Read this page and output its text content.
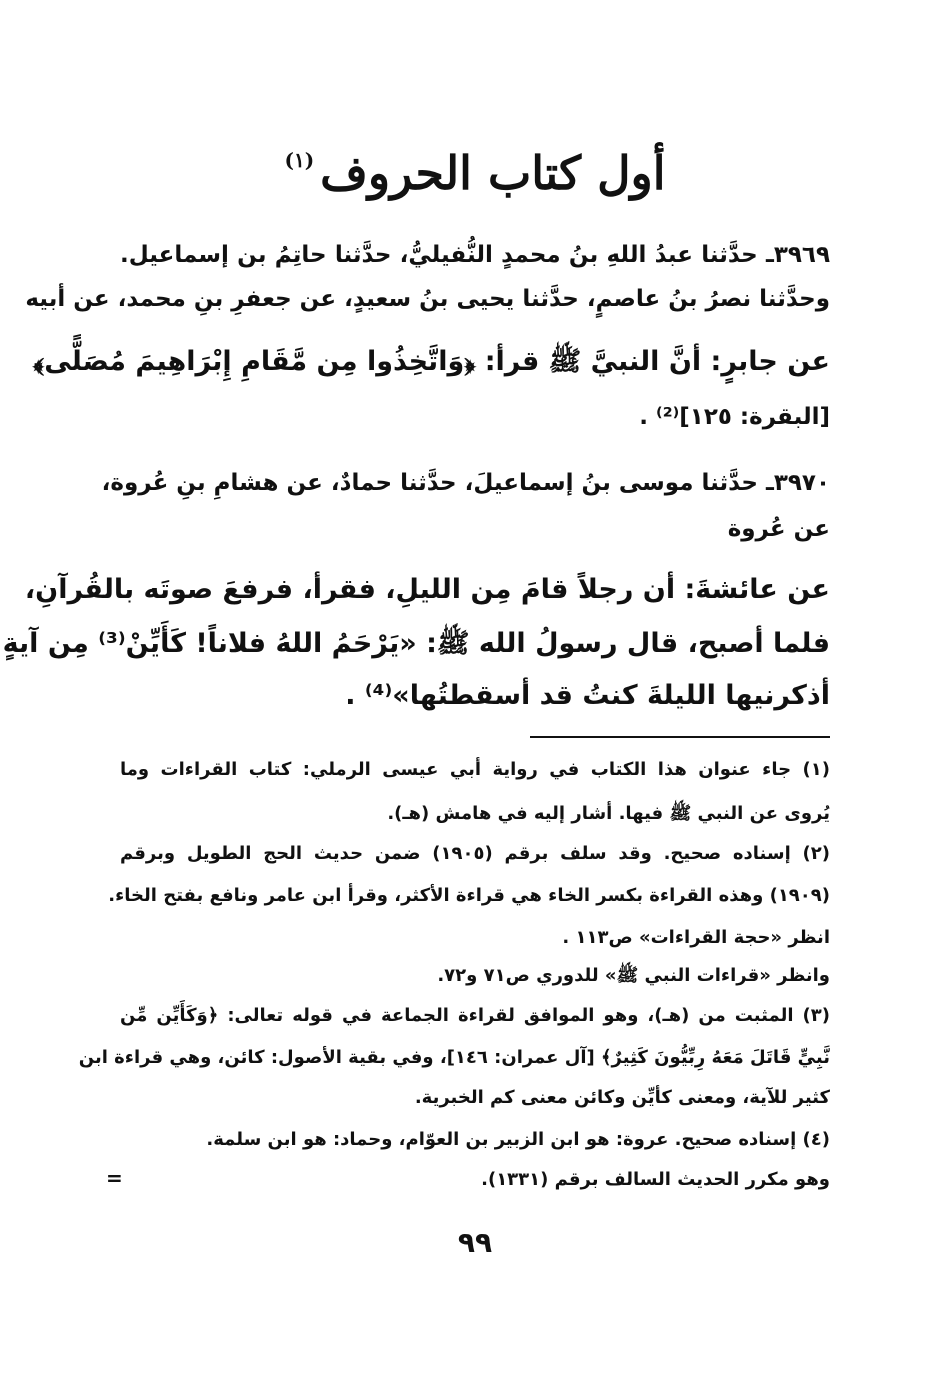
أول كتاب الحروف$^{(١)}$
٣٩٦٩ـ حدَّثنا عبدُ اللهِ بنُ محمدٍ النُّفيليُّ، حدَّثنا حاتِمُ بن إسماعيل.
وحدَّثنا نصرُ بنُ عاصمٍ، حدَّثنا يحيى بنُ سعيدٍ، عن جعفرِ بنِ محمد، عن أبيه
عن جابرٍ: أنَّ النبيَّ ﷺ قرأ: ﴿وَاتَّخِذُوا مِن مَّقَامِ إِبْرَاهِيمَ مُصَلًّى﴾
[البقرة: ١٢٥]⁽²⁾ .
٣٩٧٠ـ حدَّثنا موسى بنُ إسماعيلَ، حدَّثنا حمادٌ، عن هشامِ بنِ عُروة،
عن عُروة
عن عائشةَ: أن رجلاً قامَ مِن الليلِ، فقرأ، فرفعَ صوتَه بالقُرآنِ،
فلما أصبح، قال رسولُ الله ﷺ: «يَرْحَمُ اللهُ فلاناً! كَأَيِّنْ⁽³⁾ مِن آيةٍ
أذكرنيها الليلةَ كنتُ قد أسقطتُها»⁽⁴⁾ .
(١) جاء عنوان هذا الكتاب في رواية أبي عيسى الرملي: كتاب القراءات وما
يُروى عن النبي ﷺ فيها. أشار إليه في هامش (هـ).
(٢) إسناده صحيح. وقد سلف برقم (١٩٠٥) ضمن حديث الحج الطويل وبرقم
(١٩٠٩) وهذه القراءة بكسر الخاء هي قراءة الأكثر، وقرأ ابن عامر ونافع بفتح الخاء.
انظر «حجة القراءات» ص١١٣ .
وانظر «قراءات النبي ﷺ» للدوري ص٧١ و٧٢.
(٣) المثبت من (هـ)، وهو الموافق لقراءة الجماعة في قوله تعالى: ﴿وَكَأَيِّن مِّن
نَّبِيٍّ قَاتَلَ مَعَهُ رِبِّيُّونَ كَثِيرٌ﴾ [آل عمران: ١٤٦]، وفي بقية الأصول: كائن، وهي قراءة ابن
كثير للآية، ومعنى كأيِّن وكائن معنى كم الخبرية.
(٤) إسناده صحيح. عروة: هو ابن الزبير بن العوّام، وحماد: هو ابن سلمة.
وهو مكرر الحديث السالف برقم (١٣٣١).
=
٩٩
